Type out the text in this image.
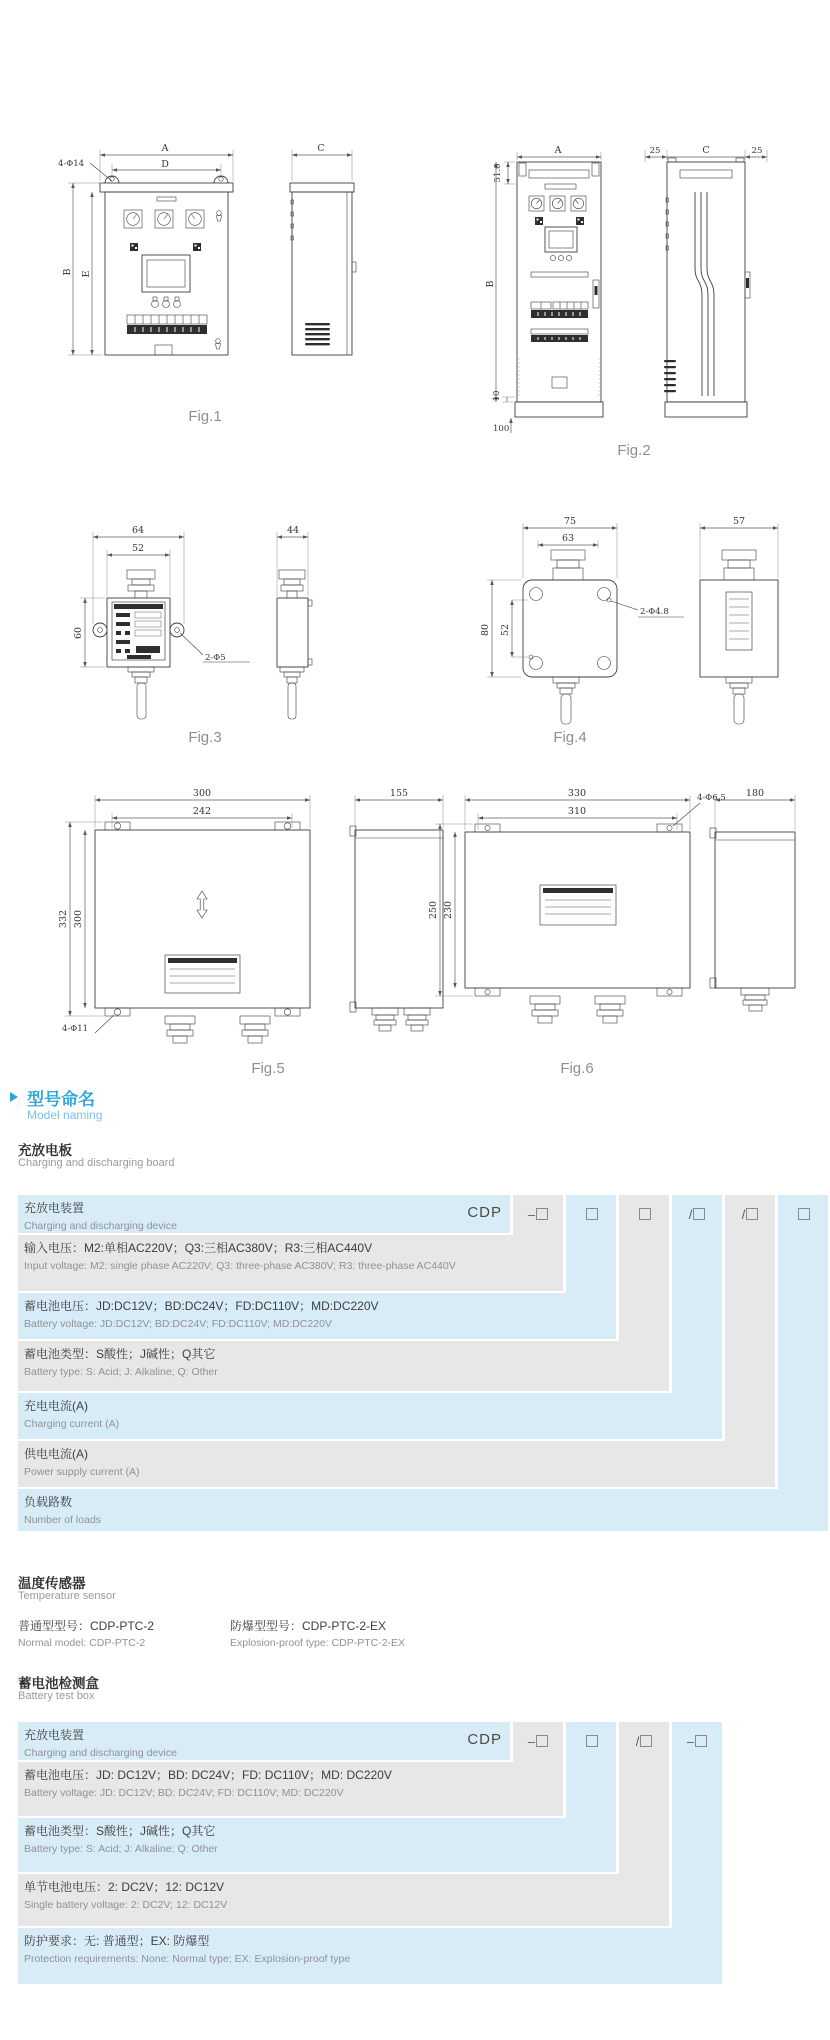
A
D
4-Φ14
B E
C
Fig.1
A
51.6
B
10
100
25	C	25
Fig.2
64
52
60
2-Φ5
44
Fig.3
75
63
80 52
2-Φ4.8
57
Fig.4
300
242
332 300
4-Φ11
155
Fig.5
330
310
4-Φ6.5
250 230
180
Fig.6
型号命名
Model naming
充放电板
Charging and discharging board
充放电装置
Charging and discharging device
输入电压：M2:单相AC220V；Q3:三相AC380V；R3:三相AC440V
Input voltage: M2: single phase AC220V; Q3: three-phase AC380V; R3: three-phase AC440V
蓄电池电压：JD:DC12V；BD:DC24V；FD:DC110V；MD:DC220V
Battery voltage: JD:DC12V; BD:DC24V; FD:DC110V; MD:DC220V
蓄电池类型：S酸性；J碱性；Q其它
Battery type: S: Acid; J: Alkaline; Q: Other
充电电流(A)
Charging current (A)
供电电流(A)
Power supply current (A)
负载路数
Number of loads
CDP –	/	/
温度传感器
Temperature sensor
普通型型号：CDP-PTC-2	防爆型型号：CDP-PTC-2-EX
Normal model: CDP-PTC-2	Explosion-proof type: CDP-PTC-2-EX
蓄电池检测盒
Battery test box
充放电装置
Charging and discharging device
蓄电池电压：JD: DC12V；BD: DC24V；FD: DC110V；MD: DC220V
Battery voltage: JD: DC12V; BD: DC24V; FD: DC110V; MD: DC220V
蓄电池类型：S酸性；J碱性；Q其它
Battery type: S: Acid; J: Alkaline; Q: Other
单节电池电压：2: DC2V；12: DC12V
Single battery voltage: 2: DC2V; 12: DC12V
防护要求：无: 普通型；EX: 防爆型
Protection requirements: None: Normal type; EX: Explosion-proof type
CDP –	/	–
